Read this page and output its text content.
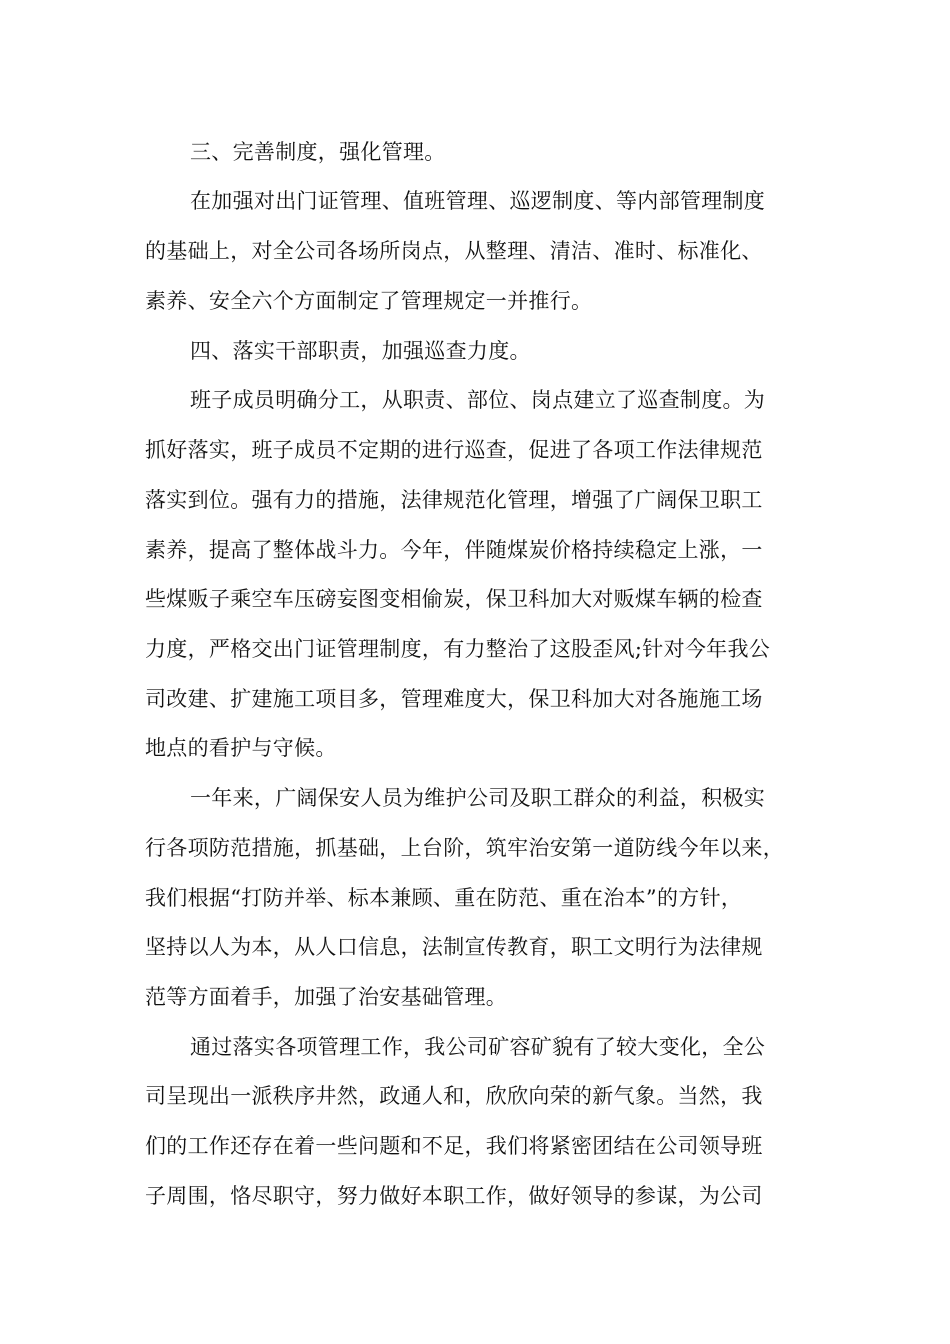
三、完善制度，强化管理。
在加强对出门证管理、值班管理、巡逻制度、等内部管理制度
的基础上，对全公司各场所岗点，从整理、清洁、准时、标准化、
素养、安全六个方面制定了管理规定一并推行。
四、落实干部职责，加强巡查力度。
班子成员明确分工，从职责、部位、岗点建立了巡查制度。为
抓好落实，班子成员不定期的进行巡查，促进了各项工作法律规范
落实到位。强有力的措施，法律规范化管理，增强了广阔保卫职工
素养，提高了整体战斗力。今年，伴随煤炭价格持续稳定上涨，一
些煤贩子乘空车压磅妄图变相偷炭，保卫科加大对贩煤车辆的检查
力度，严格交出门证管理制度，有力整治了这股歪风;针对今年我公
司改建、扩建施工项目多，管理难度大，保卫科加大对各施施工场
地点的看护与守候。
一年来，广阔保安人员为维护公司及职工群众的利益，积极实
行各项防范措施，抓基础，上台阶，筑牢治安第一道防线今年以来，
我们根据“打防并举、标本兼顾、重在防范、重在治本”的方针，
坚持以人为本，从人口信息，法制宣传教育，职工文明行为法律规
范等方面着手，加强了治安基础管理。
通过落实各项管理工作，我公司矿容矿貌有了较大变化，全公
司呈现出一派秩序井然，政通人和，欣欣向荣的新气象。当然，我
们的工作还存在着一些问题和不足，我们将紧密团结在公司领导班
子周围，恪尽职守，努力做好本职工作，做好领导的参谋，为公司
